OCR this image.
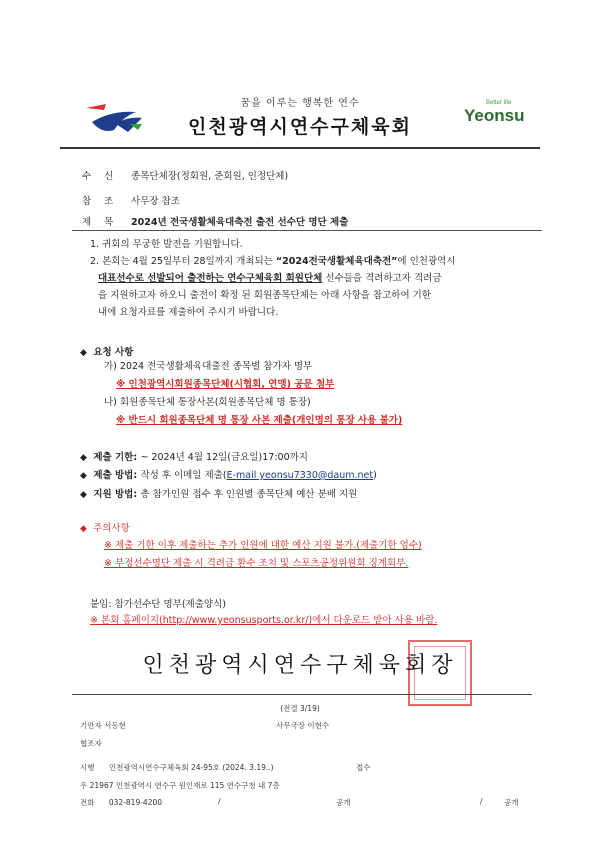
꿈을 이루는 행복한 연수
인천광역시연수구체육회
Better life
Yeonsu
수 신 종목단체장(정회원, 준회원, 인정단체)
참 조 사무장 참조
제 목 2024년 전국생활체육대축전 출전 선수단 명단 제출
1. 귀회의 무궁한 발전을 기원합니다.
2. 본회는 4월 25일부터 28일까지 개최되는 “2024전국생활체육대축전”에 인천광역시
대표선수로 선발되어 출전하는 연수구체육회 회원단체 선수들을 격려하고자 격려금
을 지원하고자 하오니 출전이 확정 된 회원종목단체는 아래 사항을 참고하여 기한
내에 요청자료를 제출하여 주시기 바랍니다.
◆ 요청 사항
가) 2024 전국생활체육대출전 종목별 참가자 명부
※ 인천광역시회원종목단체(시협회, 연맹) 공문 첨부
나) 회원종목단체 통장사본(회원종목단체 명 통장)
※ 반드시 회원종목단체 명 통장 사본 제출(개인명의 통장 사용 불가)
◆ 제출 기한: ~ 2024년 4월 12일(금요일)17:00까지
◆ 제출 방법: 작성 후 이메일 제출(E-mail yeonsu7330@daum.net)
◆ 지원 방법: 총 참가인원 접수 후 인원별 종목단체 예산 분배 지원
◆ 주의사항
※ 제출 기한 이후 제출하는 추가 인원에 대한 예산 지원 불가.(제출기한 엄수)
※ 부정선수명단 제출 시 격려금 환수 조치 및 스포츠공정위원회 징계회부.
붙임: 참가선수단 명부(제출양식)
※ 본회 홈페이지(http://www.yeonsusports.or.kr/)에서 다운로드 받아 사용 바람.
인천광역시연수구체육회장
(전결 3/19)
기안자 서동현	사무국장 이현수
협조자
시행 인천광역시연수구체육회 24-95호 (2024. 3.19..)	접수
우 21967 인천광역시 연수구 원인재로 115 연수구청 내 7층
전화 032-819-4200	/	공개	/	공개
